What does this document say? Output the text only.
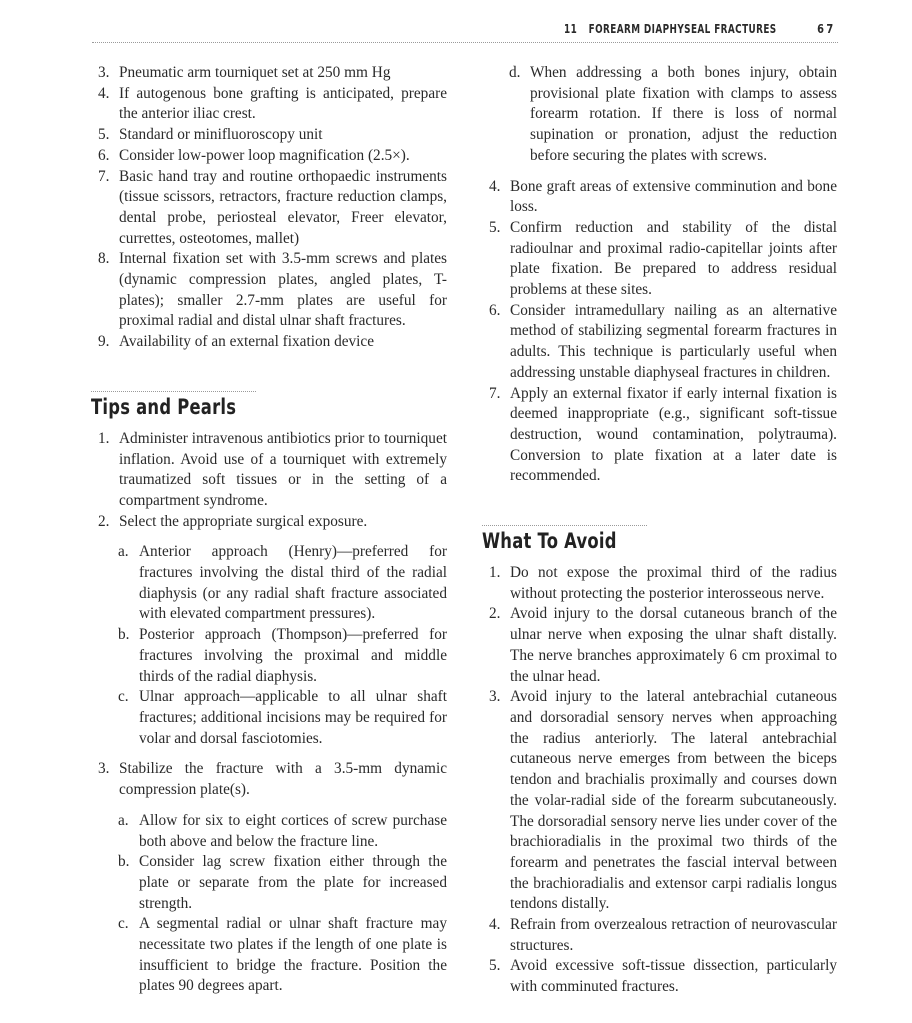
11 FOREARM DIAPHYSEAL FRACTURES	67
3. Pneumatic arm tourniquet set at 250 mm Hg
4. If autogenous bone grafting is anticipated, prepare the anterior iliac crest.
5. Standard or minifluoroscopy unit
6. Consider low-power loop magnification (2.5×).
7. Basic hand tray and routine orthopaedic instruments (tissue scissors, retractors, fracture reduction clamps, dental probe, periosteal elevator, Freer elevator, currettes, osteotomes, mallet)
8. Internal fixation set with 3.5-mm screws and plates (dynamic compression plates, angled plates, T-plates); smaller 2.7-mm plates are useful for proximal radial and distal ulnar shaft fractures.
9. Availability of an external fixation device
Tips and Pearls
1. Administer intravenous antibiotics prior to tourniquet inflation. Avoid use of a tourniquet with extremely traumatized soft tissues or in the setting of a compartment syndrome.
2. Select the appropriate surgical exposure.
a. Anterior approach (Henry)—preferred for fractures involving the distal third of the radial diaphysis (or any radial shaft fracture associated with elevated compartment pressures).
b. Posterior approach (Thompson)—preferred for fractures involving the proximal and middle thirds of the radial diaphysis.
c. Ulnar approach—applicable to all ulnar shaft fractures; additional incisions may be required for volar and dorsal fasciotomies.
3. Stabilize the fracture with a 3.5-mm dynamic compression plate(s).
a. Allow for six to eight cortices of screw purchase both above and below the fracture line.
b. Consider lag screw fixation either through the plate or separate from the plate for increased strength.
c. A segmental radial or ulnar shaft fracture may necessitate two plates if the length of one plate is insufficient to bridge the fracture. Position the plates 90 degrees apart.
d. When addressing a both bones injury, obtain provisional plate fixation with clamps to assess forearm rotation. If there is loss of normal supination or pronation, adjust the reduction before securing the plates with screws.
4. Bone graft areas of extensive comminution and bone loss.
5. Confirm reduction and stability of the distal radioulnar and proximal radio-capitellar joints after plate fixation. Be prepared to address residual problems at these sites.
6. Consider intramedullary nailing as an alternative method of stabilizing segmental forearm fractures in adults. This technique is particularly useful when addressing unstable diaphyseal fractures in children.
7. Apply an external fixator if early internal fixation is deemed inappropriate (e.g., significant soft-tissue destruction, wound contamination, polytrauma). Conversion to plate fixation at a later date is recommended.
What To Avoid
1. Do not expose the proximal third of the radius without protecting the posterior interosseous nerve.
2. Avoid injury to the dorsal cutaneous branch of the ulnar nerve when exposing the ulnar shaft distally. The nerve branches approximately 6 cm proximal to the ulnar head.
3. Avoid injury to the lateral antebrachial cutaneous and dorsoradial sensory nerves when approaching the radius anteriorly. The lateral antebrachial cutaneous nerve emerges from between the biceps tendon and brachialis proximally and courses down the volar-radial side of the forearm subcutaneously. The dorsoradial sensory nerve lies under cover of the brachioradialis in the proximal two thirds of the forearm and penetrates the fascial interval between the brachioradialis and extensor carpi radialis longus tendons distally.
4. Refrain from overzealous retraction of neurovascular structures.
5. Avoid excessive soft-tissue dissection, particularly with comminuted fractures.
